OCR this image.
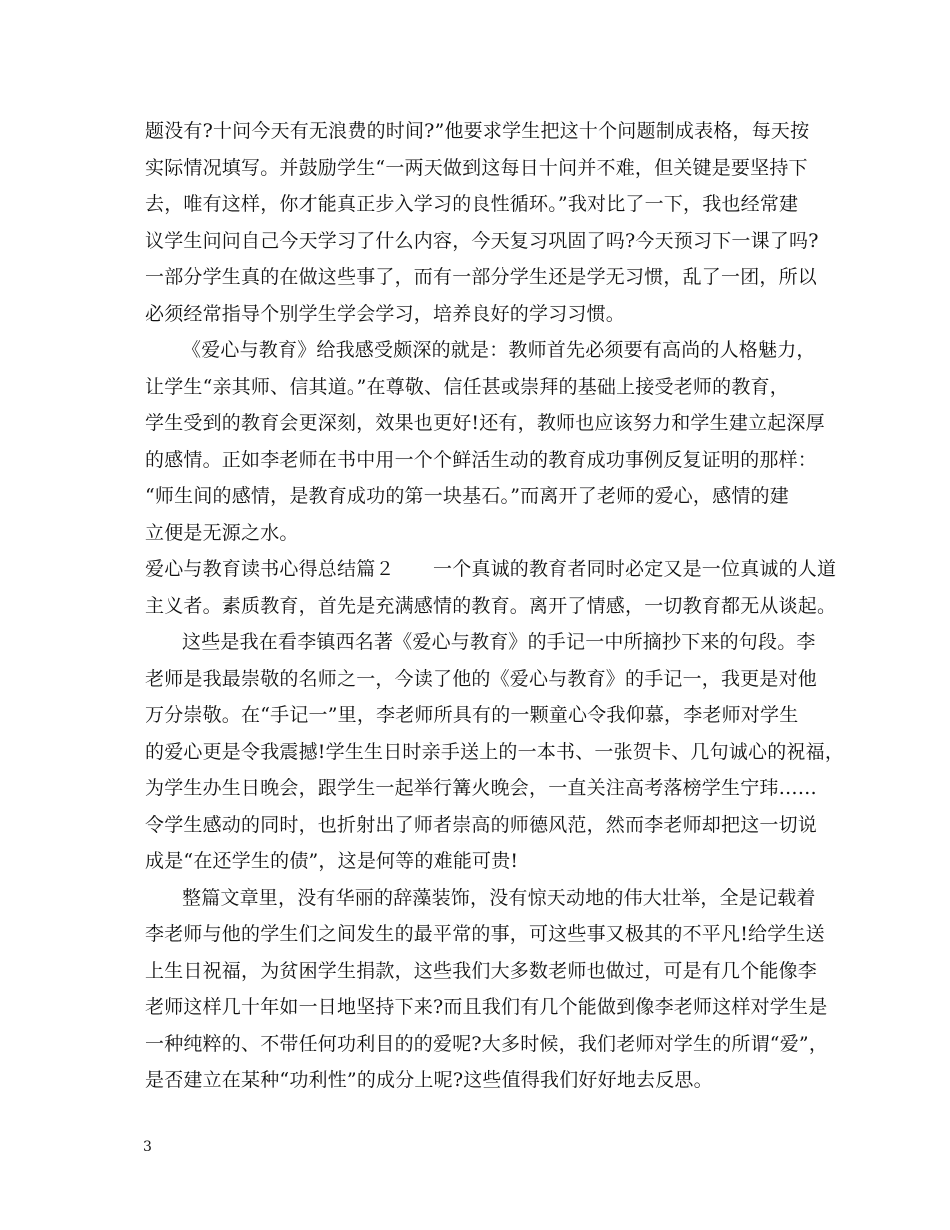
题没有?十问今天有无浪费的时间?”他要求学生把这十个问题制成表格，每天按
实际情况填写。并鼓励学生“一两天做到这每日十问并不难，但关键是要坚持下
去，唯有这样，你才能真正步入学习的良性循环。”我对比了一下，我也经常建
议学生问问自己今天学习了什么内容，今天复习巩固了吗?今天预习下一课了吗?
一部分学生真的在做这些事了，而有一部分学生还是学无习惯，乱了一团，所以
必须经常指导个别学生学会学习，培养良好的学习习惯。
《爱心与教育》给我感受颇深的就是：教师首先必须要有高尚的人格魅力，
让学生“亲其师、信其道。”在尊敬、信任甚或崇拜的基础上接受老师的教育，
学生受到的教育会更深刻，效果也更好!还有，教师也应该努力和学生建立起深厚
的感情。正如李老师在书中用一个个鲜活生动的教育成功事例反复证明的那样：
“师生间的感情，是教育成功的第一块基石。”而离开了老师的爱心，感情的建
立便是无源之水。
爱心与教育读书心得总结篇２　　一个真诚的教育者同时必定又是一位真诚的人道
主义者。素质教育，首先是充满感情的教育。离开了情感，一切教育都无从谈起。
这些是我在看李镇西名著《爱心与教育》的手记一中所摘抄下来的句段。李
老师是我最崇敬的名师之一，今读了他的《爱心与教育》的手记一，我更是对他
万分崇敬。在“手记一”里，李老师所具有的一颗童心令我仰慕，李老师对学生
的爱心更是令我震撼!学生生日时亲手送上的一本书、一张贺卡、几句诚心的祝福，
为学生办生日晚会，跟学生一起举行篝火晚会，一直关注高考落榜学生宁玮……
令学生感动的同时，也折射出了师者崇高的师德风范，然而李老师却把这一切说
成是“在还学生的债”，这是何等的难能可贵!
整篇文章里，没有华丽的辞藻装饰，没有惊天动地的伟大壮举，全是记载着
李老师与他的学生们之间发生的最平常的事，可这些事又极其的不平凡!给学生送
上生日祝福，为贫困学生捐款，这些我们大多数老师也做过，可是有几个能像李
老师这样几十年如一日地坚持下来?而且我们有几个能做到像李老师这样对学生是
一种纯粹的、不带任何功利目的的爱呢?大多时候，我们老师对学生的所谓“爱”，
是否建立在某种“功利性”的成分上呢?这些值得我们好好地去反思。
3
